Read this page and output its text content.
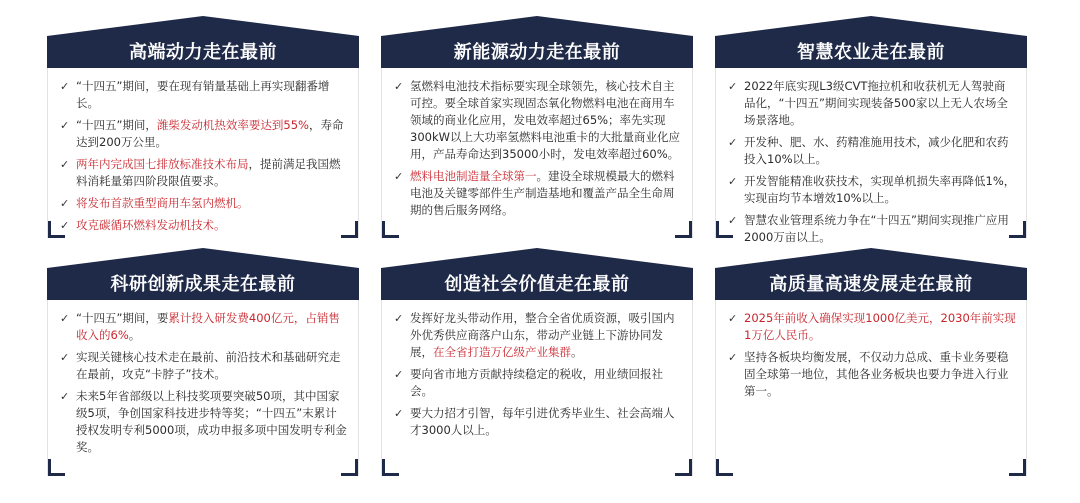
高端动力走在最前
✓ “十四五”期间，要在现有销量基础上再实现翻番增长。
✓ “十四五”期间，潍柴发动机热效率要达到55%，寿命达到200万公里。
✓ 两年内完成国七排放标准技术布局，提前满足我国燃料消耗量第四阶段限值要求。
✓ 将发布首款重型商用车氢内燃机。
✓ 攻克碳循环燃料发动机技术。
新能源动力走在最前
✓ 氢燃料电池技术指标要实现全球领先，核心技术自主可控。要全球首家实现固态氧化物燃料电池在商用车领域的商业化应用，发电效率超过65%；率先实现300kW以上大功率氢燃料电池重卡的大批量商业化应用，产品寿命达到35000小时，发电效率超过60%。
✓ 燃料电池制造量全球第一。建设全球规模最大的燃料电池及关键零部件生产制造基地和覆盖产品全生命周期的售后服务网络。
智慧农业走在最前
✓ 2022年底实现L3级CVT拖拉机和收获机无人驾驶商品化，“十四五”期间实现装备500家以上无人农场全场景落地。
✓ 开发种、肥、水、药精准施用技术，减少化肥和农药投入10%以上。
✓ 开发智能精准收获技术，实现单机损失率再降低1%，实现亩均节本增效10%以上。
✓ 智慧农业管理系统力争在“十四五”期间实现推广应用2000万亩以上。
科研创新成果走在最前
✓ “十四五”期间，要累计投入研发费400亿元，占销售收入的6%。
✓ 实现关键核心技术走在最前、前沿技术和基础研究走在最前，攻克“卡脖子”技术。
✓ 未来5年省部级以上科技奖项要突破50项，其中国家级5项，争创国家科技进步特等奖；“十四五”末累计授权发明专利5000项，成功申报多项中国发明专利金奖。
创造社会价值走在最前
✓ 发挥好龙头带动作用，整合全省优质资源，吸引国内外优秀供应商落户山东，带动产业链上下游协同发展，在全省打造万亿级产业集群。
✓ 要向省市地方贡献持续稳定的税收，用业绩回报社会。
✓ 要大力招才引智，每年引进优秀毕业生、社会高端人才3000人以上。
高质量高速发展走在最前
✓ 2025年前收入确保实现1000亿美元，2030年前实现1万亿人民币。
✓ 坚持各板块均衡发展，不仅动力总成、重卡业务要稳固全球第一地位，其他各业务板块也要力争进入行业第一。
